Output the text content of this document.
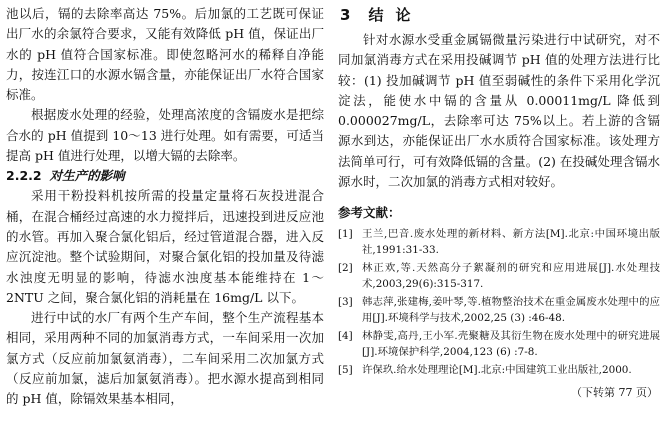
池以后，镉的去除率高达 75%。后加氯的工艺既可保证出厂水的余氯符合要求，又能有效降低 pH 值，保证出厂水的 pH 值符合国家标准。即使忽略河水的稀释自净能力，按连江口的水源水镉含量，亦能保证出厂水符合国家标准。

根据废水处理的经验，处理高浓度的含镉废水是把综合水的 pH 值提到 10～13 进行处理。如有需要，可适当提高 pH 值进行处理，以增大镉的去除率。

2.2.2 对生产的影响

采用干粉投料机按所需的投量定量将石灰投进混合桶，在混合桶经过高速的水力搅拌后，迅速投到进反应池的水管。再加入聚合氯化铝后，经过管道混合器，进入反应沉淀池。整个试验期间，对聚合氯化铝的投加量及待滤水浊度无明显的影响，待滤水浊度基本能维持在 1～2NTU 之间，聚合氯化铝的消耗量在 16mg/L 以下。

进行中试的水厂有两个生产车间，整个生产流程基本相同，采用两种不同的加氯消毒方式，一车间采用一次加氯方式（反应前加氯氨消毒），二车间采用二次加氯方式（反应前加氯，滤后加氯氨消毒）。把水源水提高到相同的 pH 值，除镉效果基本相同，

3 结论

针对水源水受重金属镉微量污染进行中试研究，对不同加氯消毒方式在采用投碱调节 pH 值的处理方法进行比较：(1) 投加碱调节 pH 值至弱碱性的条件下采用化学沉淀法，能使水中镉的含量从 0.00011mg/L 降低到 0.000027mg/L，去除率可达 75%以上。若上游的含镉源水到达，亦能保证出厂水水质符合国家标准。该处理方法简单可行，可有效降低镉的含量。(2) 在投碱处理含镉水源水时，二次加氯的消毒方式相对较好。

参考文献：
[1] 王兰,巴音.废水处理的新材料、新方法[M].北京:中国环境出版社,1991:31-33.
[2] 林正欢,等.天然高分子絮凝剂的研究和应用进展[J].水处理技术,2003,29(6):315-317.
[3] 韩志萍,张建梅,姜叶琴,等.植物整治技术在重金属废水处理中的应用[J].环境科学与技术,2002,25 (3) :46-48.
[4] 林静雯,高丹,王小军.壳聚糖及其衍生物在废水处理中的研究进展[J].环境保护科学,2004,123 (6) :7-8.
[5] 许保玖.给水处理理论[M].北京:中国建筑工业出版社,2000.
（下转第 77 页）
